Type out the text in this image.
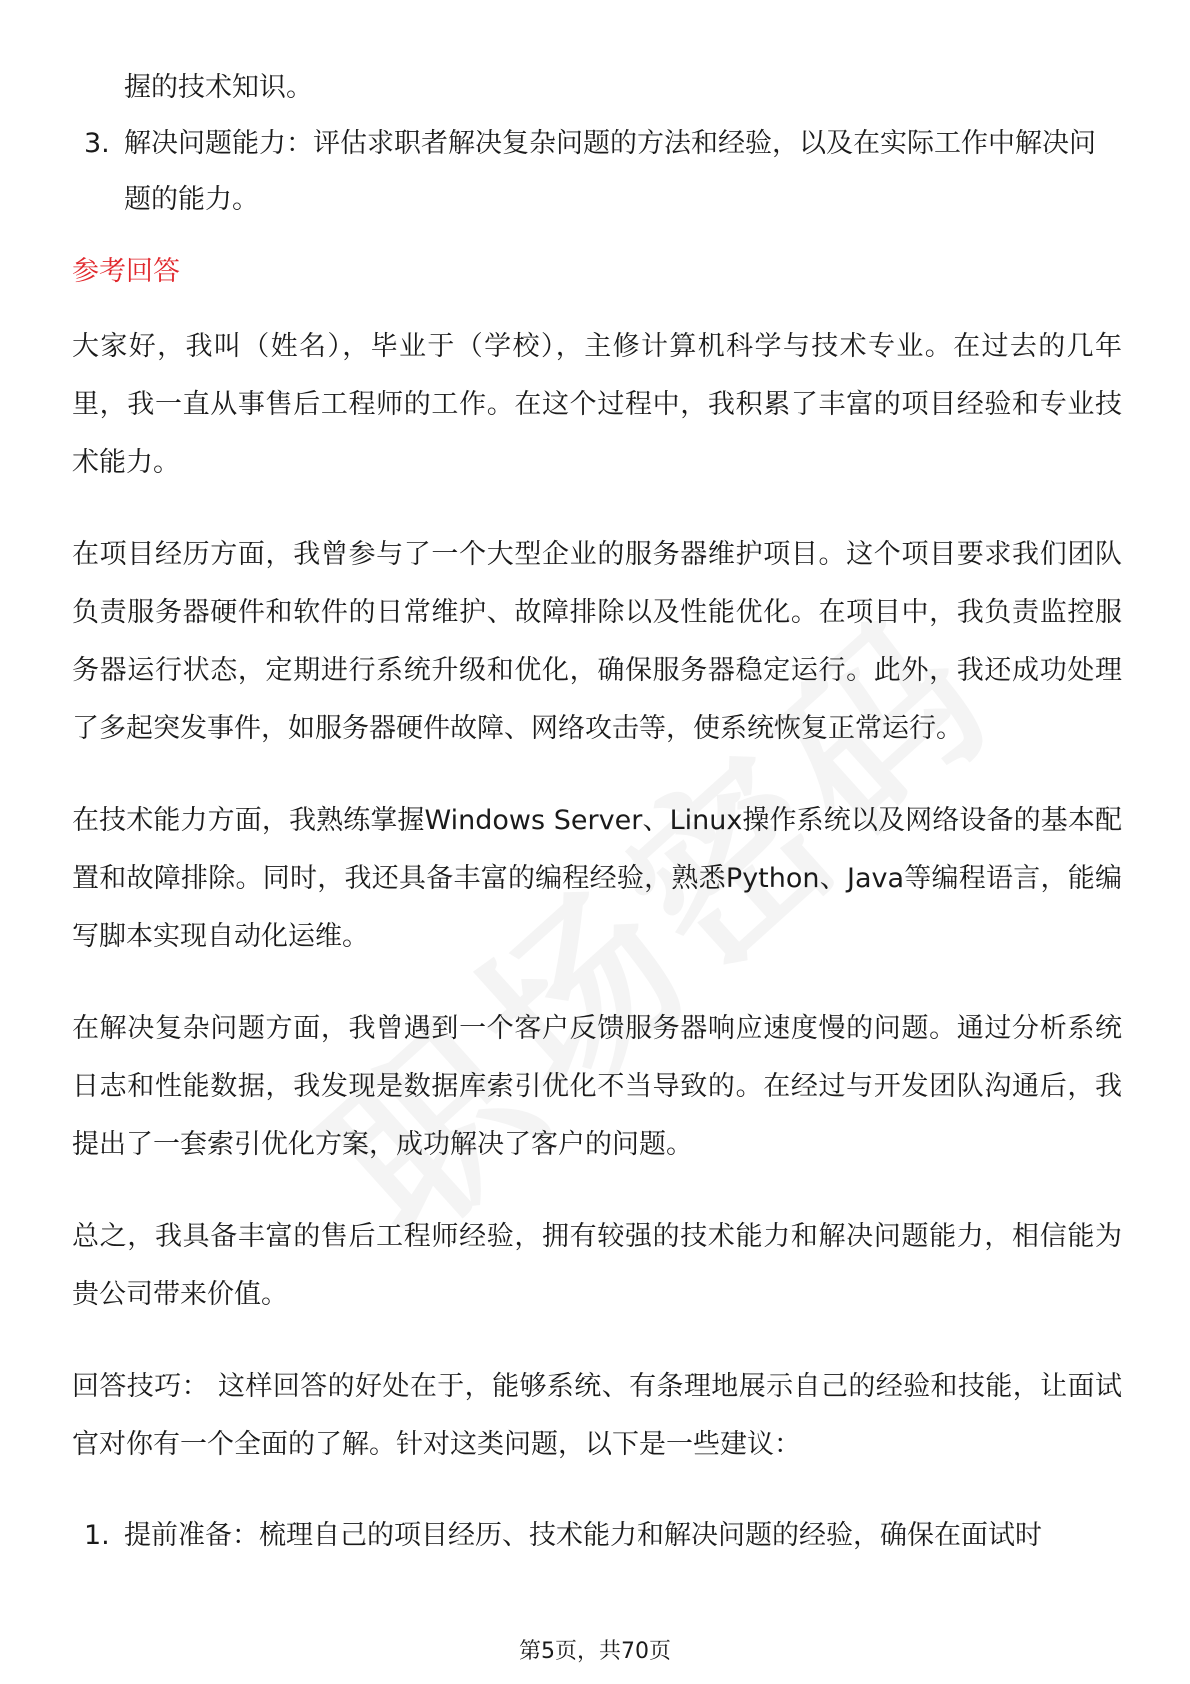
握的技术知识。
3. 解决问题能力：评估求职者解决复杂问题的方法和经验，以及在实际工作中解决问题的能力。
参考回答

大家好，我叫（姓名），毕业于（学校），主修计算机科学与技术专业。在过去的几年里，我一直从事售后工程师的工作。在这个过程中，我积累了丰富的项目经验和专业技术能力。

在项目经历方面，我曾参与了一个大型企业的服务器维护项目。这个项目要求我们团队负责服务器硬件和软件的日常维护、故障排除以及性能优化。在项目中，我负责监控服务器运行状态，定期进行系统升级和优化，确保服务器稳定运行。此外，我还成功处理了多起突发事件，如服务器硬件故障、网络攻击等，使系统恢复正常运行。

在技术能力方面，我熟练掌握Windows Server、Linux操作系统以及网络设备的基本配置和故障排除。同时，我还具备丰富的编程经验，熟悉Python、Java等编程语言，能编写脚本实现自动化运维。

在解决复杂问题方面，我曾遇到一个客户反馈服务器响应速度慢的问题。通过分析系统日志和性能数据，我发现是数据库索引优化不当导致的。在经过与开发团队沟通后，我提出了一套索引优化方案，成功解决了客户的问题。

总之，我具备丰富的售后工程师经验，拥有较强的技术能力和解决问题能力，相信能为贵公司带来价值。

回答技巧： 这样回答的好处在于，能够系统、有条理地展示自己的经验和技能，让面试官对你有一个全面的了解。针对这类问题，以下是一些建议：

1. 提前准备：梳理自己的项目经历、技术能力和解决问题的经验，确保在面试时
第5页，共70页
